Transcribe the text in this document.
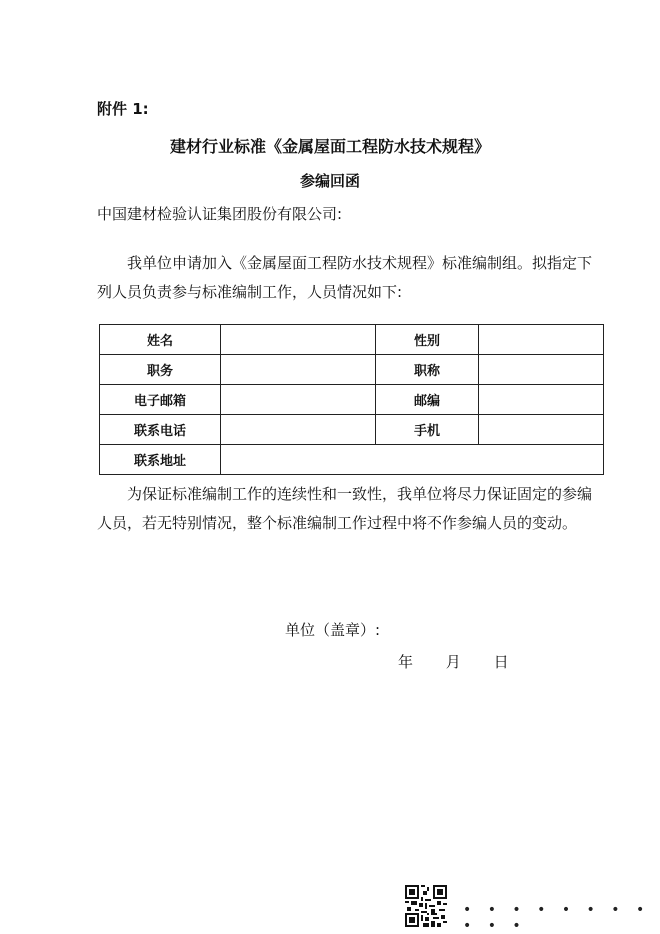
附件 1:
建材行业标准《金属屋面工程防水技术规程》
参编回函
中国建材检验认证集团股份有限公司:
我单位申请加入《金属屋面工程防水技术规程》标准编制组。拟指定下列人员负责参与标准编制工作，人员情况如下:
姓名		性别	
职务		职称	
电子邮箱		邮编	
联系电话		手机	
联系地址			
为保证标准编制工作的连续性和一致性，我单位将尽力保证固定的参编人员，若无特别情况，整个标准编制工作过程中将不作参编人员的变动。
单位（盖章）:
年 月 日
• • • • • • • • • • •
